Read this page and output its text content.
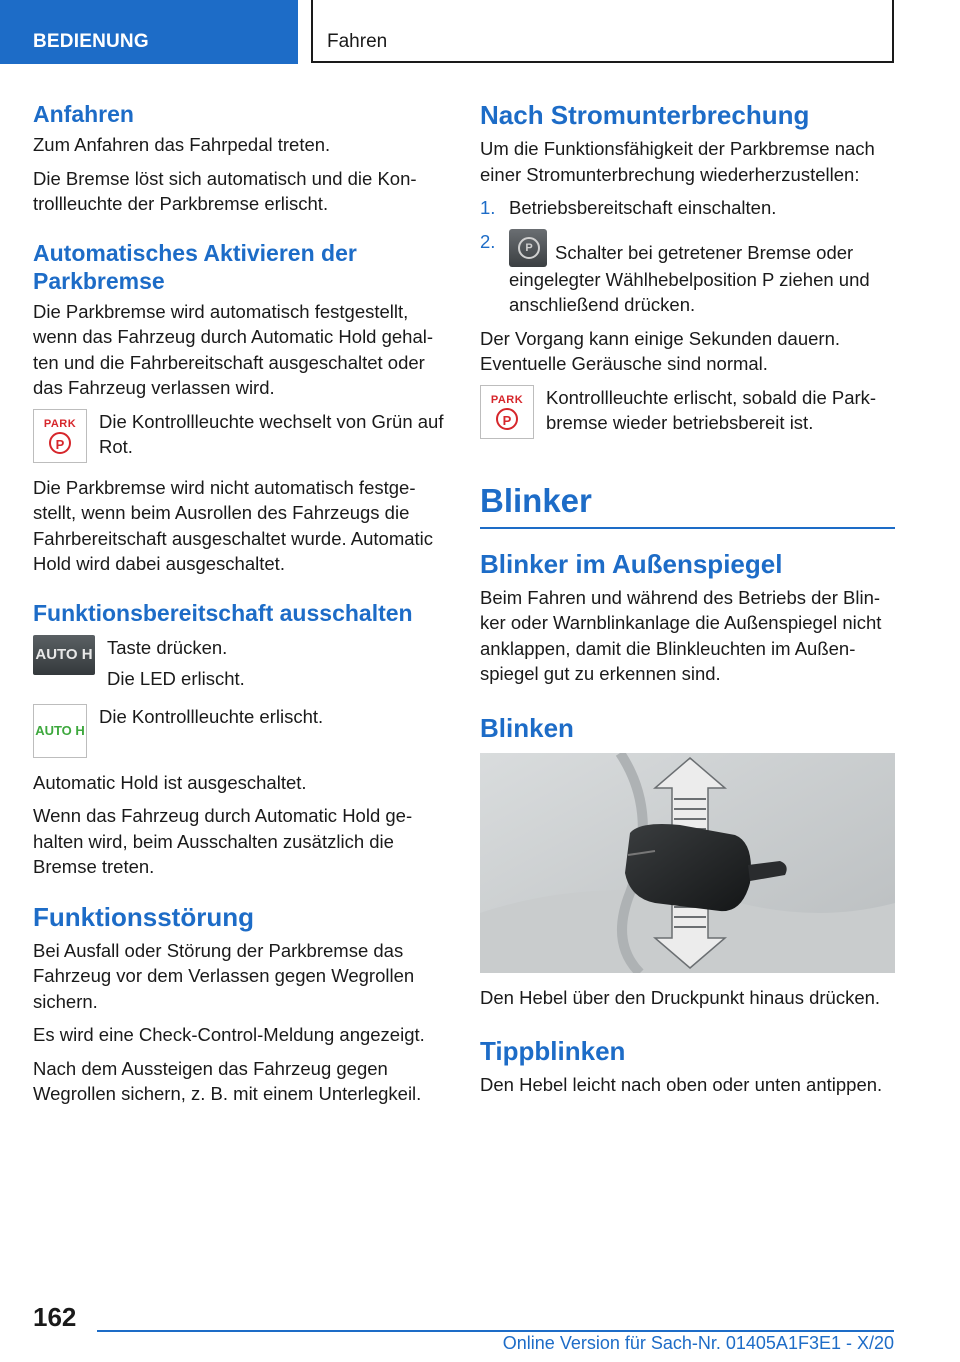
BEDIENUNG	Fahren
Anfahren

Zum Anfahren das Fahrpedal treten.

Die Bremse löst sich automatisch und die Kontrollleuchte der Parkbremse erlischt.

Automatisches Aktivieren der Parkbremse

Die Parkbremse wird automatisch festgestellt, wenn das Fahrzeug durch Automatic Hold gehalten und die Fahrbereitschaft ausgeschaltet oder das Fahrzeug verlassen wird.

PARK
P

Die Kontrollleuchte wechselt von Grün auf Rot.

Die Parkbremse wird nicht automatisch festgestellt, wenn beim Ausrollen des Fahrzeugs die Fahrbereitschaft ausgeschaltet wurde. Automatic Hold wird dabei ausgeschaltet.

Funktionsbereitschaft ausschalten
AUTO H Taste drücken.

Die LED erlischt.

AUTO H

Die Kontrollleuchte erlischt.

Automatic Hold ist ausgeschaltet.

Wenn das Fahrzeug durch Automatic Hold gehalten wird, beim Ausschalten zusätzlich die Bremse treten.

Funktionsstörung

Bei Ausfall oder Störung der Parkbremse das Fahrzeug vor dem Verlassen gegen Wegrollen sichern.

Es wird eine Check-Control-Meldung angezeigt.

Nach dem Aussteigen das Fahrzeug gegen Wegrollen sichern, z. B. mit einem Unterlegkeil.

Nach Stromunterbrechung

Um die Funktionsfähigkeit der Parkbremse nach einer Stromunterbrechung wiederherzustellen:

1. Betriebsbereitschaft einschalten.
2.	P	Schalter bei getretener Bremse oder eingelegter Wählhebelposition P ziehen und anschließend drücken.

Der Vorgang kann einige Sekunden dauern. Eventuelle Geräusche sind normal.

PARK
P

Kontrollleuchte erlischt, sobald die Parkbremse wieder betriebsbereit ist.

Blinker
Blinker im Außenspiegel

Beim Fahren und während des Betriebs der Blinker oder Warnblinkanlage die Außenspiegel nicht anklappen, damit die Blinkleuchten im Außenspiegel gut zu erkennen sind.

Blinken

Den Hebel über den Druckpunkt hinaus drücken.

Tippblinken

Den Hebel leicht nach oben oder unten antippen.

162
Online Version für Sach-Nr. 01405A1F3E1 - X/20
